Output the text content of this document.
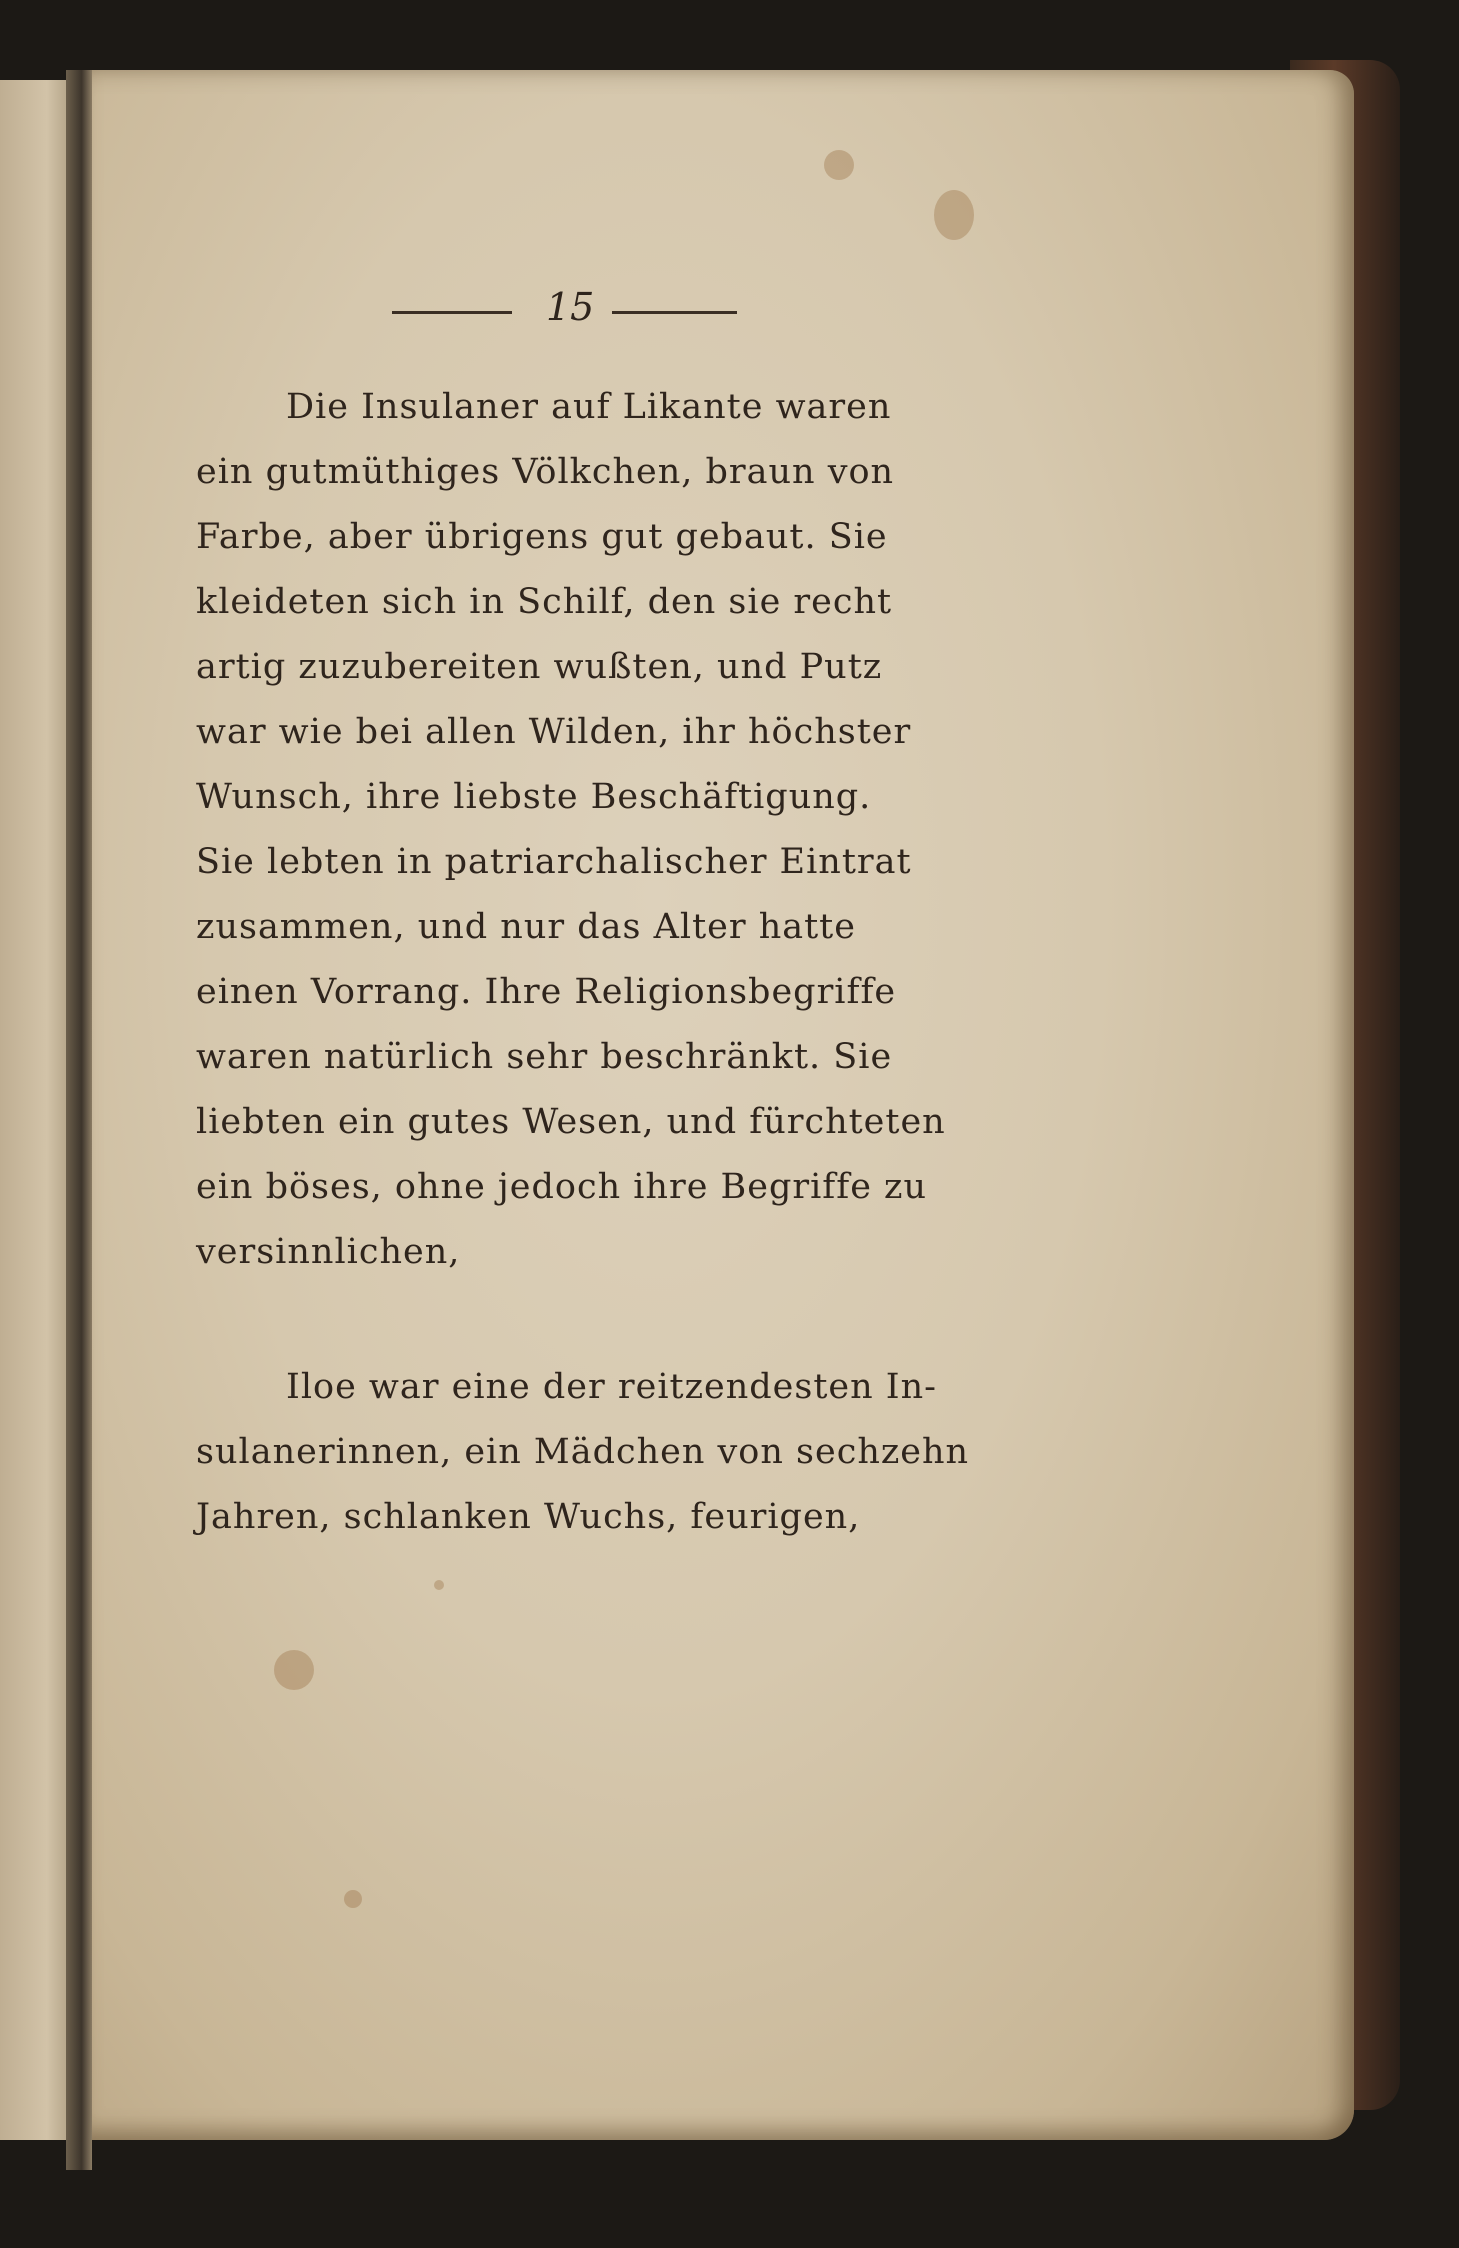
15
Die Insulaner auf Likante waren
ein gutmüthiges Völkchen, braun von
Farbe, aber übrigens gut gebaut. Sie
kleideten sich in Schilf, den sie recht
artig zuzubereiten wußten, und Putz
war wie bei allen Wilden, ihr höchster
Wunsch, ihre liebste Beschäftigung.
Sie lebten in patriarchalischer Eintrat
zusammen, und nur das Alter hatte
einen Vorrang. Ihre Religionsbegriffe
waren natürlich sehr beschränkt. Sie
liebten ein gutes Wesen, und fürchteten
ein böses, ohne jedoch ihre Begriffe zu
versinnlichen,
Iloe war eine der reitzendesten In-
sulanerinnen, ein Mädchen von sechzehn
Jahren, schlanken Wuchs, feurigen,
